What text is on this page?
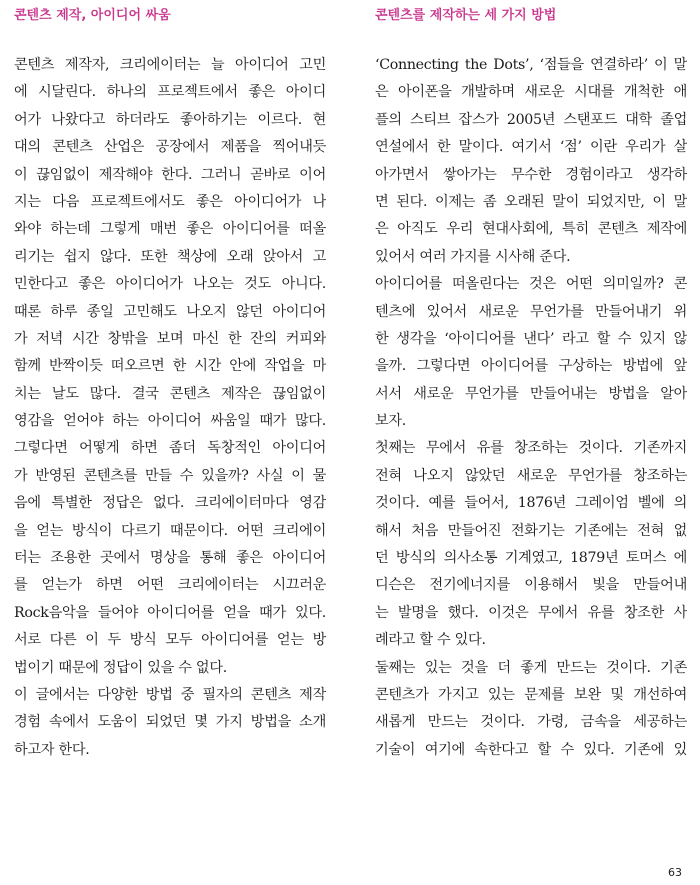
콘텐츠 제작, 아이디어 싸움	콘텐츠를 제작하는 세 가지 방법
콘텐츠 제작자, 크리에이터는 늘 아이디어 고민
에 시달린다. 하나의 프로젝트에서 좋은 아이디
어가 나왔다고 하더라도 좋아하기는 이르다. 현
대의 콘텐츠 산업은 공장에서 제품을 찍어내듯
이 끊임없이 제작해야 한다. 그러니 곧바로 이어
지는 다음 프로젝트에서도 좋은 아이디어가 나
와야 하는데 그렇게 매번 좋은 아이디어를 떠올
리기는 쉽지 않다. 또한 책상에 오래 앉아서 고
민한다고 좋은 아이디어가 나오는 것도 아니다.
때론 하루 종일 고민해도 나오지 않던 아이디어
가 저녁 시간 창밖을 보며 마신 한 잔의 커피와
함께 반짝이듯 떠오르면 한 시간 안에 작업을 마
치는 날도 많다. 결국 콘텐츠 제작은 끊임없이
영감을 얻어야 하는 아이디어 싸움일 때가 많다.
그렇다면 어떻게 하면 좀더 독창적인 아이디어
가 반영된 콘텐츠를 만들 수 있을까? 사실 이 물
음에 특별한 정답은 없다. 크리에이터마다 영감
을 얻는 방식이 다르기 때문이다. 어떤 크리에이
터는 조용한 곳에서 명상을 통해 좋은 아이디어
를 얻는가 하면 어떤 크리에이터는 시끄러운
Rock음악을 들어야 아이디어를 얻을 때가 있다.
서로 다른 이 두 방식 모두 아이디어를 얻는 방
법이기 때문에 정답이 있을 수 없다.
이 글에서는 다양한 방법 중 필자의 콘텐츠 제작
경험 속에서 도움이 되었던 몇 가지 방법을 소개
하고자 한다.
‘Connecting the Dots’, ‘점들을 연결하라’ 이 말
은 아이폰을 개발하며 새로운 시대를 개척한 애
플의 스티브 잡스가 2005년 스탠포드 대학 졸업
연설에서 한 말이다. 여기서 ‘점’ 이란 우리가 살
아가면서 쌓아가는 무수한 경험이라고 생각하
면 된다. 이제는 좀 오래된 말이 되었지만, 이 말
은 아직도 우리 현대사회에, 특히 콘텐츠 제작에
있어서 여러 가지를 시사해 준다.
아이디어를 떠올린다는 것은 어떤 의미일까? 콘
텐츠에 있어서 새로운 무언가를 만들어내기 위
한 생각을 ‘아이디어를 낸다’ 라고 할 수 있지 않
을까. 그렇다면 아이디어를 구상하는 방법에 앞
서서 새로운 무언가를 만들어내는 방법을 알아
보자.
첫째는 무에서 유를 창조하는 것이다. 기존까지
전혀 나오지 않았던 새로운 무언가를 창조하는
것이다. 예를 들어서, 1876년 그레이엄 벨에 의
해서 처음 만들어진 전화기는 기존에는 전혀 없
던 방식의 의사소통 기계였고, 1879년 토머스 에
디슨은 전기에너지를 이용해서 빛을 만들어내
는 발명을 했다. 이것은 무에서 유를 창조한 사
례라고 할 수 있다.
둘째는 있는 것을 더 좋게 만드는 것이다. 기존
콘텐츠가 가지고 있는 문제를 보완 및 개선하여
새롭게 만드는 것이다. 가령, 금속을 세공하는
기술이 여기에 속한다고 할 수 있다. 기존에 있
63
